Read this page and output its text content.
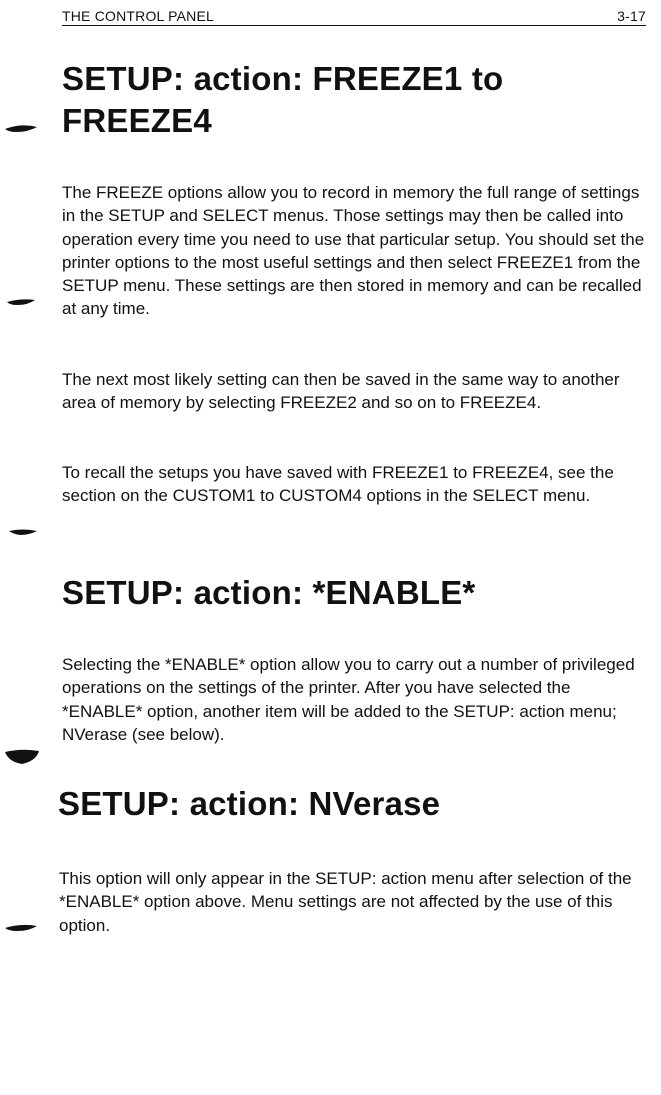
THE CONTROL PANEL	3-17
SETUP: action: FREEZE1 to FREEZE4

The FREEZE options allow you to record in memory the full range of settings in the SETUP and SELECT menus. Those settings may then be called into operation every time you need to use that particular setup. You should set the printer options to the most useful settings and then select FREEZE1 from the SETUP menu. These settings are then stored in memory and can be recalled at any time.

The next most likely setting can then be saved in the same way to another area of memory by selecting FREEZE2 and so on to FREEZE4.

To recall the setups you have saved with FREEZE1 to FREEZE4, see the section on the CUSTOM1 to CUSTOM4 options in the SELECT menu.

SETUP: action: *ENABLE*

Selecting the *ENABLE* option allow you to carry out a number of privileged operations on the settings of the printer. After you have selected the *ENABLE* option, another item will be added to the SETUP: action menu; NVerase (see below).

SETUP: action: NVerase

This option will only appear in the SETUP: action menu after selection of the *ENABLE* option above. Menu settings are not affected by the use of this option.
